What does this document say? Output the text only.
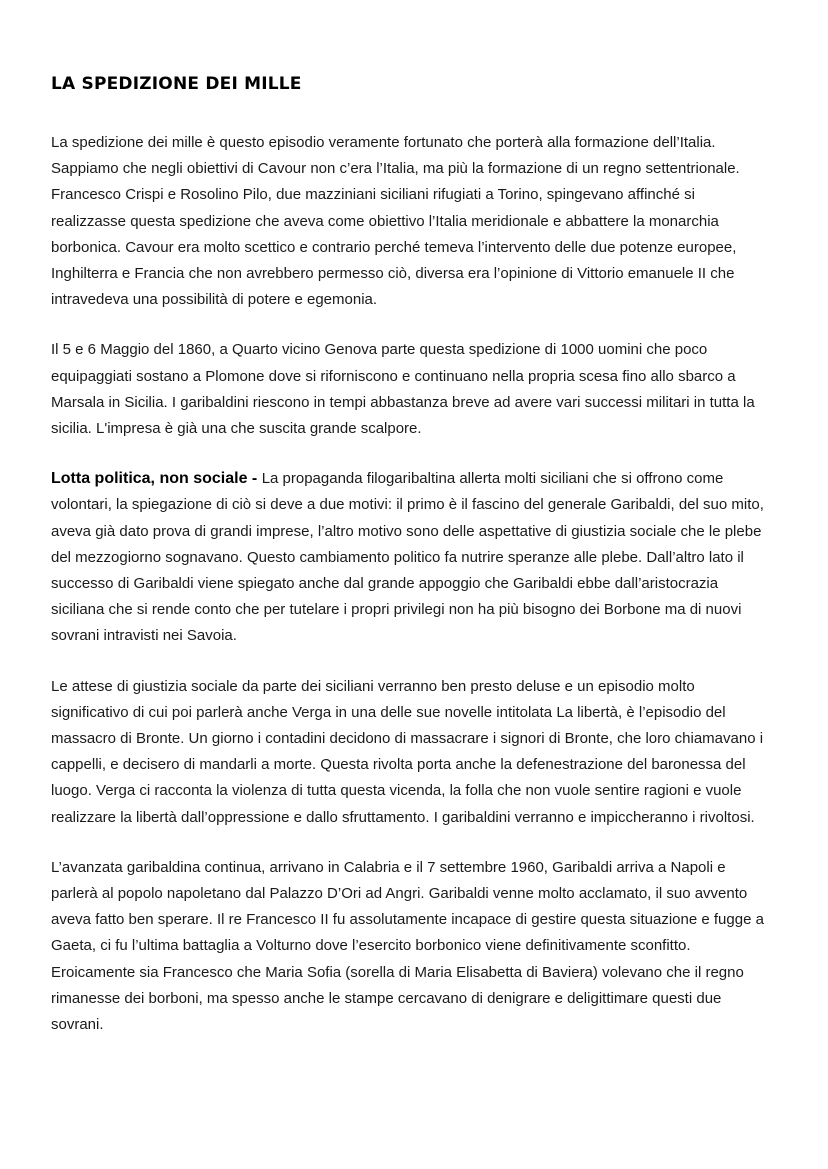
LA SPEDIZIONE DEI MILLE

La spedizione dei mille è questo episodio veramente fortunato che porterà alla formazione dell’Italia.
Sappiamo che negli obiettivi di Cavour non c’era l’Italia, ma più la formazione di un regno settentrionale.
Francesco Crispi e Rosolino Pilo, due mazziniani siciliani rifugiati a Torino, spingevano affinché si
realizzasse questa spedizione che aveva come obiettivo l’Italia meridionale e abbattere la monarchia
borbonica. Cavour era molto scettico e contrario perché temeva l’intervento delle due potenze europee,
Inghilterra e Francia che non avrebbero permesso ciò, diversa era l’opinione di Vittorio emanuele II che
intravedeva una possibilità di potere e egemonia.

Il 5 e 6 Maggio del 1860, a Quarto vicino Genova parte questa spedizione di 1000 uomini che poco
equipaggiati sostano a Plomone dove si riforniscono e continuano nella propria scesa fino allo sbarco a
Marsala in Sicilia. I garibaldini riescono in tempi abbastanza breve ad avere vari successi militari in tutta la
sicilia. L'impresa è già una che suscita grande scalpore.

Lotta politica, non sociale - La propaganda filogaribaltina allerta molti siciliani che si offrono come
volontari, la spiegazione di ciò si deve a due motivi: il primo è il fascino del generale Garibaldi, del suo mito,
aveva già dato prova di grandi imprese, l’altro motivo sono delle aspettative di giustizia sociale che le plebe
del mezzogiorno sognavano. Questo cambiamento politico fa nutrire speranze alle plebe. Dall’altro lato il
successo di Garibaldi viene spiegato anche dal grande appoggio che Garibaldi ebbe dall’aristocrazia
siciliana che si rende conto che per tutelare i propri privilegi non ha più bisogno dei Borbone ma di nuovi
sovrani intravisti nei Savoia.

Le attese di giustizia sociale da parte dei siciliani verranno ben presto deluse e un episodio molto
significativo di cui poi parlerà anche Verga in una delle sue novelle intitolata La libertà, è l’episodio del
massacro di Bronte. Un giorno i contadini decidono di massacrare i signori di Bronte, che loro chiamavano i
cappelli, e decisero di mandarli a morte. Questa rivolta porta anche la defenestrazione del baronessa del
luogo. Verga ci racconta la violenza di tutta questa vicenda, la folla che non vuole sentire ragioni e vuole
realizzare la libertà dall’oppressione e dallo sfruttamento. I garibaldini verranno e impiccheranno i rivoltosi.

L’avanzata garibaldina continua, arrivano in Calabria e il 7 settembre 1960, Garibaldi arriva a Napoli e
parlerà al popolo napoletano dal Palazzo D’Ori ad Angri. Garibaldi venne molto acclamato, il suo avvento
aveva fatto ben sperare. Il re Francesco II fu assolutamente incapace di gestire questa situazione e fugge a
Gaeta, ci fu l’ultima battaglia a Volturno dove l’esercito borbonico viene definitivamente sconfitto.
Eroicamente sia Francesco che Maria Sofia (sorella di Maria Elisabetta di Baviera) volevano che il regno
rimanesse dei borboni, ma spesso anche le stampe cercavano di denigrare e deligittimare questi due
sovrani.
